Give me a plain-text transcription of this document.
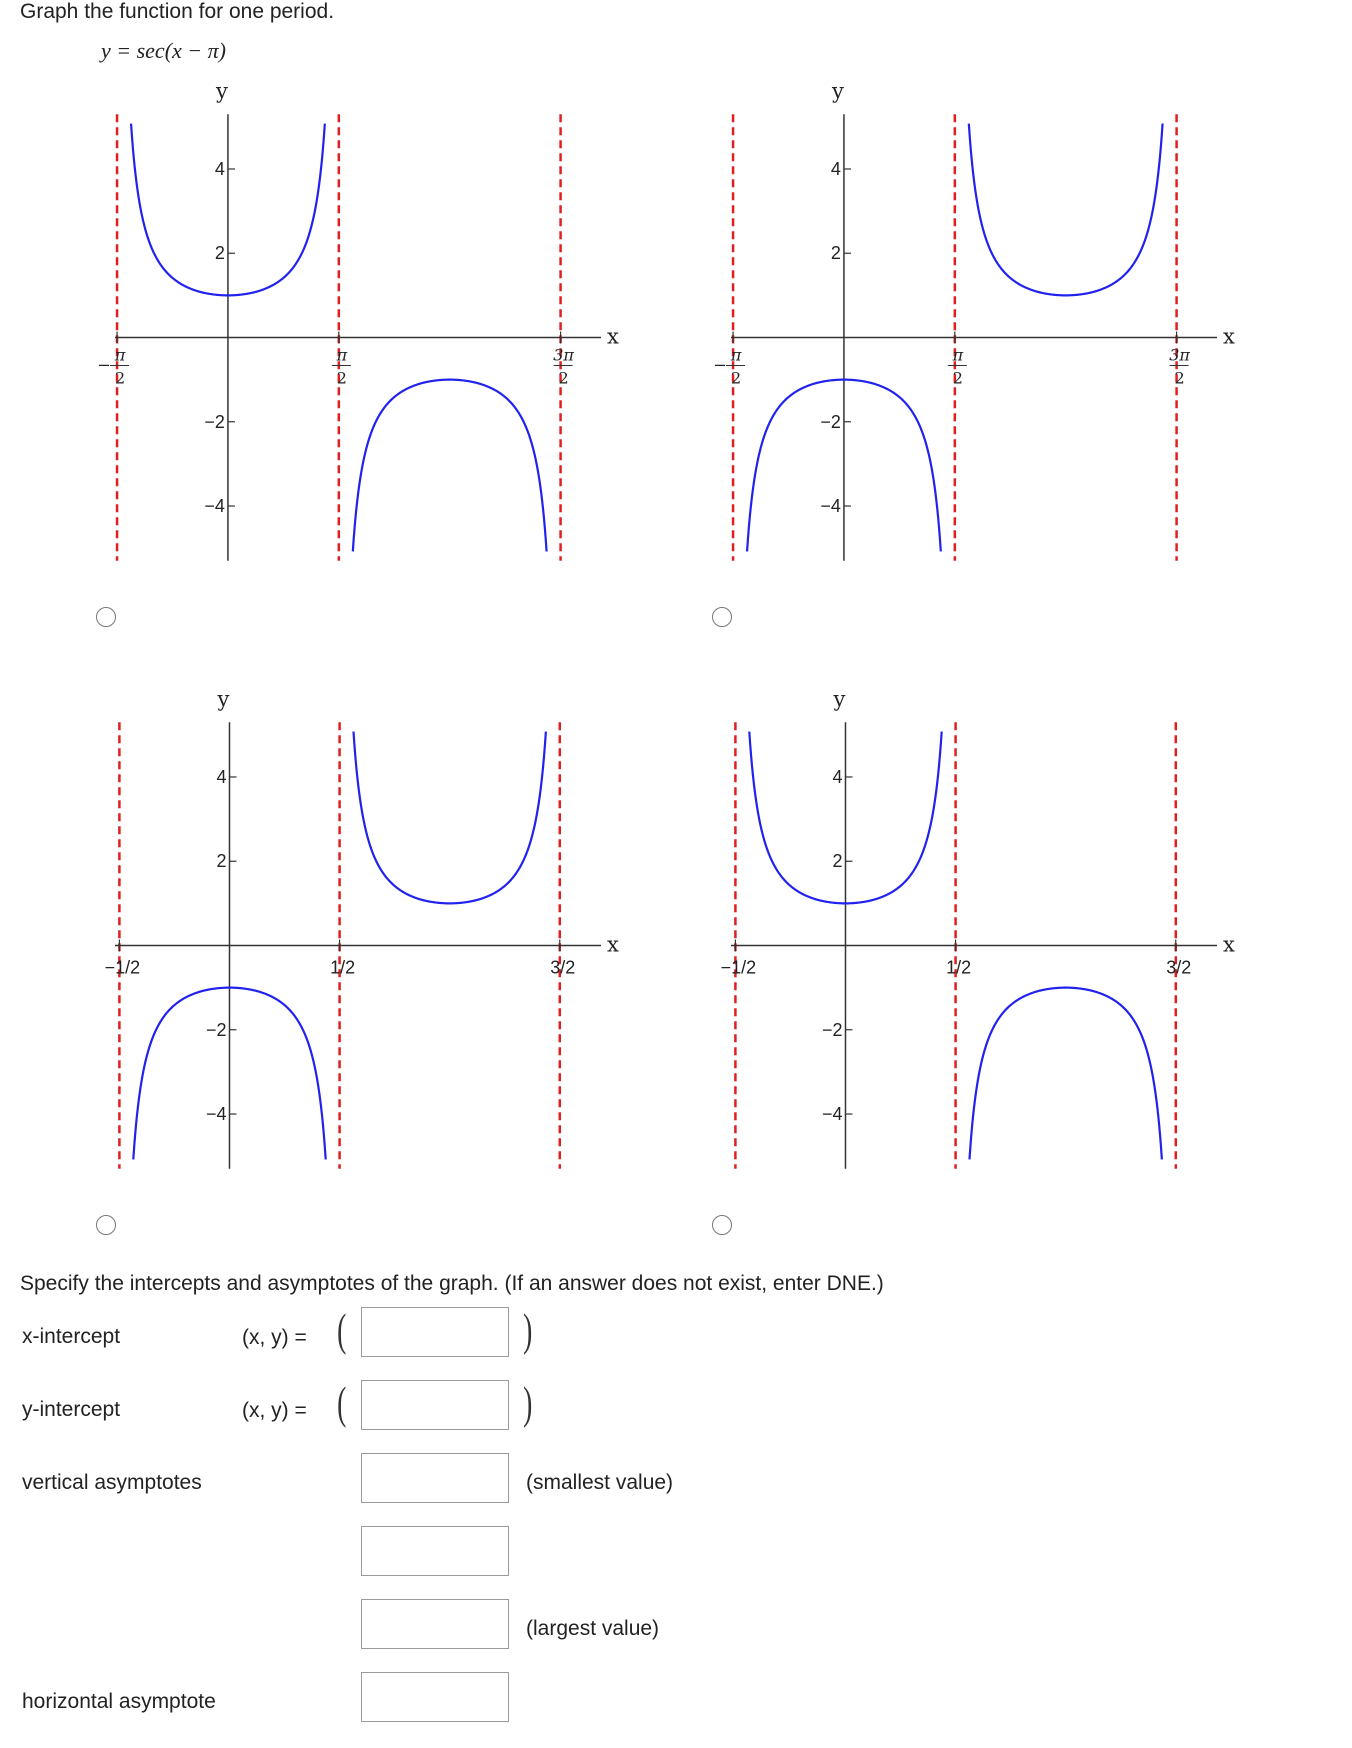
Graph the function for one period.
y = sec(x − π)
x
y
4
2
−2
−4
−
π
2
π
2
3π
2
x
y
4
2
−2
−4
−
π
2
π
2
3π
2
x
y
4
2
−2
−4
−1/2	1/2	3/2
x
y
4
2
−2
−4
−1/2	1/2	3/2
Specify the intercepts and asymptotes of the graph. (If an answer does not exist, enter DNE.)
x-intercept	(x, y) = (	)
y-intercept	(x, y) = (	)
vertical asymptotes	(smallest value)
(largest value)
horizontal asymptote
